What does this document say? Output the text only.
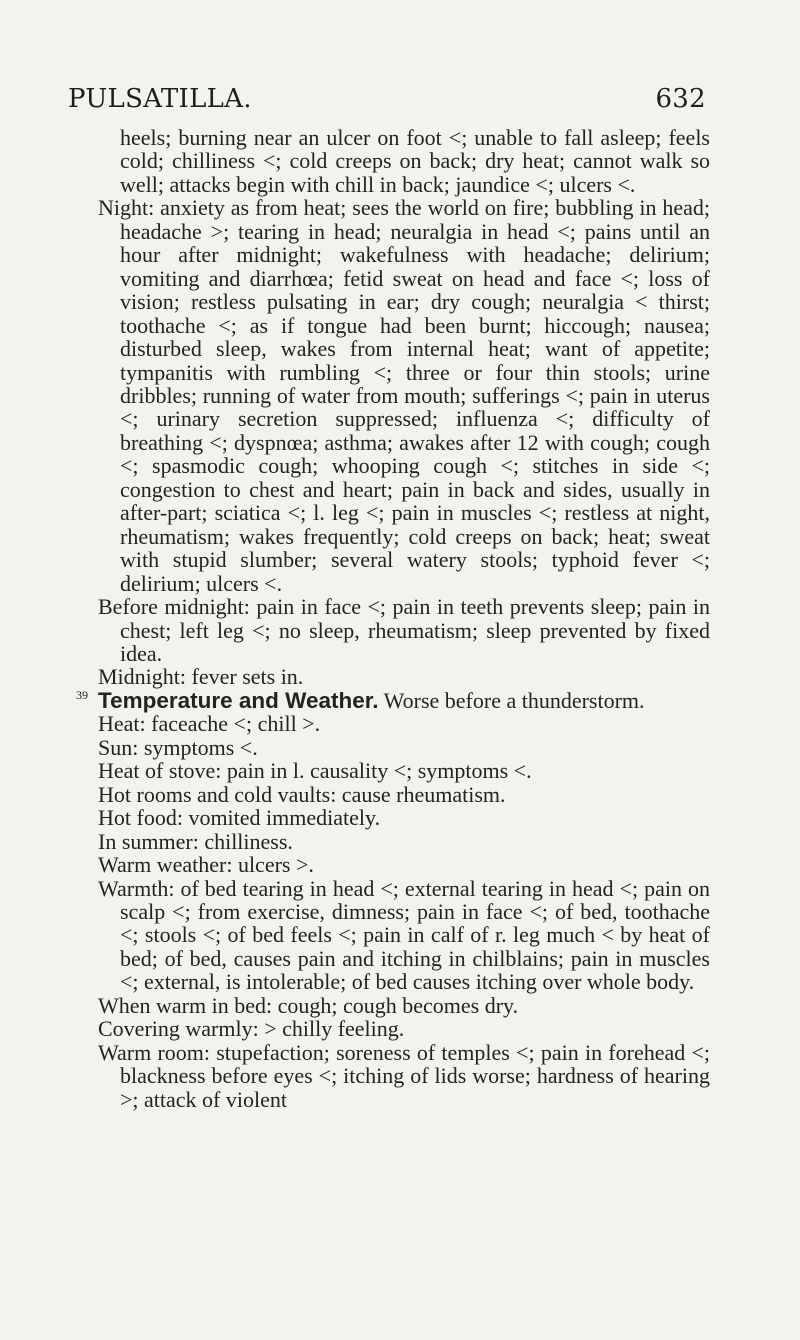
PULSATILLA.	632

heels; burning near an ulcer on foot <; unable to fall asleep; feels cold; chilliness <; cold creeps on back; dry heat; cannot walk so well; attacks begin with chill in back; jaundice <; ulcers <.

Night: anxiety as from heat; sees the world on fire; bubbling in head; headache >; tearing in head; neuralgia in head <; pains until an hour after midnight; wakefulness with headache; delirium; vomiting and diarrhœa; fetid sweat on head and face <; loss of vision; restless pulsating in ear; dry cough; neuralgia < thirst; toothache <; as if tongue had been burnt; hiccough; nausea; disturbed sleep, wakes from internal heat; want of appetite; tympanitis with rumbling <; three or four thin stools; urine dribbles; running of water from mouth; sufferings <; pain in uterus <; urinary secretion suppressed; influenza <; difficulty of breathing <; dyspnœa; asthma; awakes after 12 with cough; cough <; spasmodic cough; whooping cough <; stitches in side <; congestion to chest and heart; pain in back and sides, usually in after-part; sciatica <; l. leg <; pain in muscles <; restless at night, rheumatism; wakes frequently; cold creeps on back; heat; sweat with stupid slumber; several watery stools; typhoid fever <; delirium; ulcers <.

Before midnight: pain in face <; pain in teeth prevents sleep; pain in chest; left leg <; no sleep, rheumatism; sleep prevented by fixed idea.

Midnight: fever sets in.

39 Temperature and Weather. Worse before a thunderstorm.

Heat: faceache <; chill >.

Sun: symptoms <.

Heat of stove: pain in l. causality <; symptoms <.

Hot rooms and cold vaults: cause rheumatism.

Hot food: vomited immediately.

In summer: chilliness.

Warm weather: ulcers >.

Warmth: of bed tearing in head <; external tearing in head <; pain on scalp <; from exercise, dimness; pain in face <; of bed, toothache <; stools <; of bed feels <; pain in calf of r. leg much < by heat of bed; of bed, causes pain and itching in chilblains; pain in muscles <; external, is intolerable; of bed causes itching over whole body.

When warm in bed: cough; cough becomes dry.

Covering warmly: > chilly feeling.

Warm room: stupefaction; soreness of temples <; pain in forehead <; blackness before eyes <; itching of lids worse; hardness of hearing >; attack of violent
